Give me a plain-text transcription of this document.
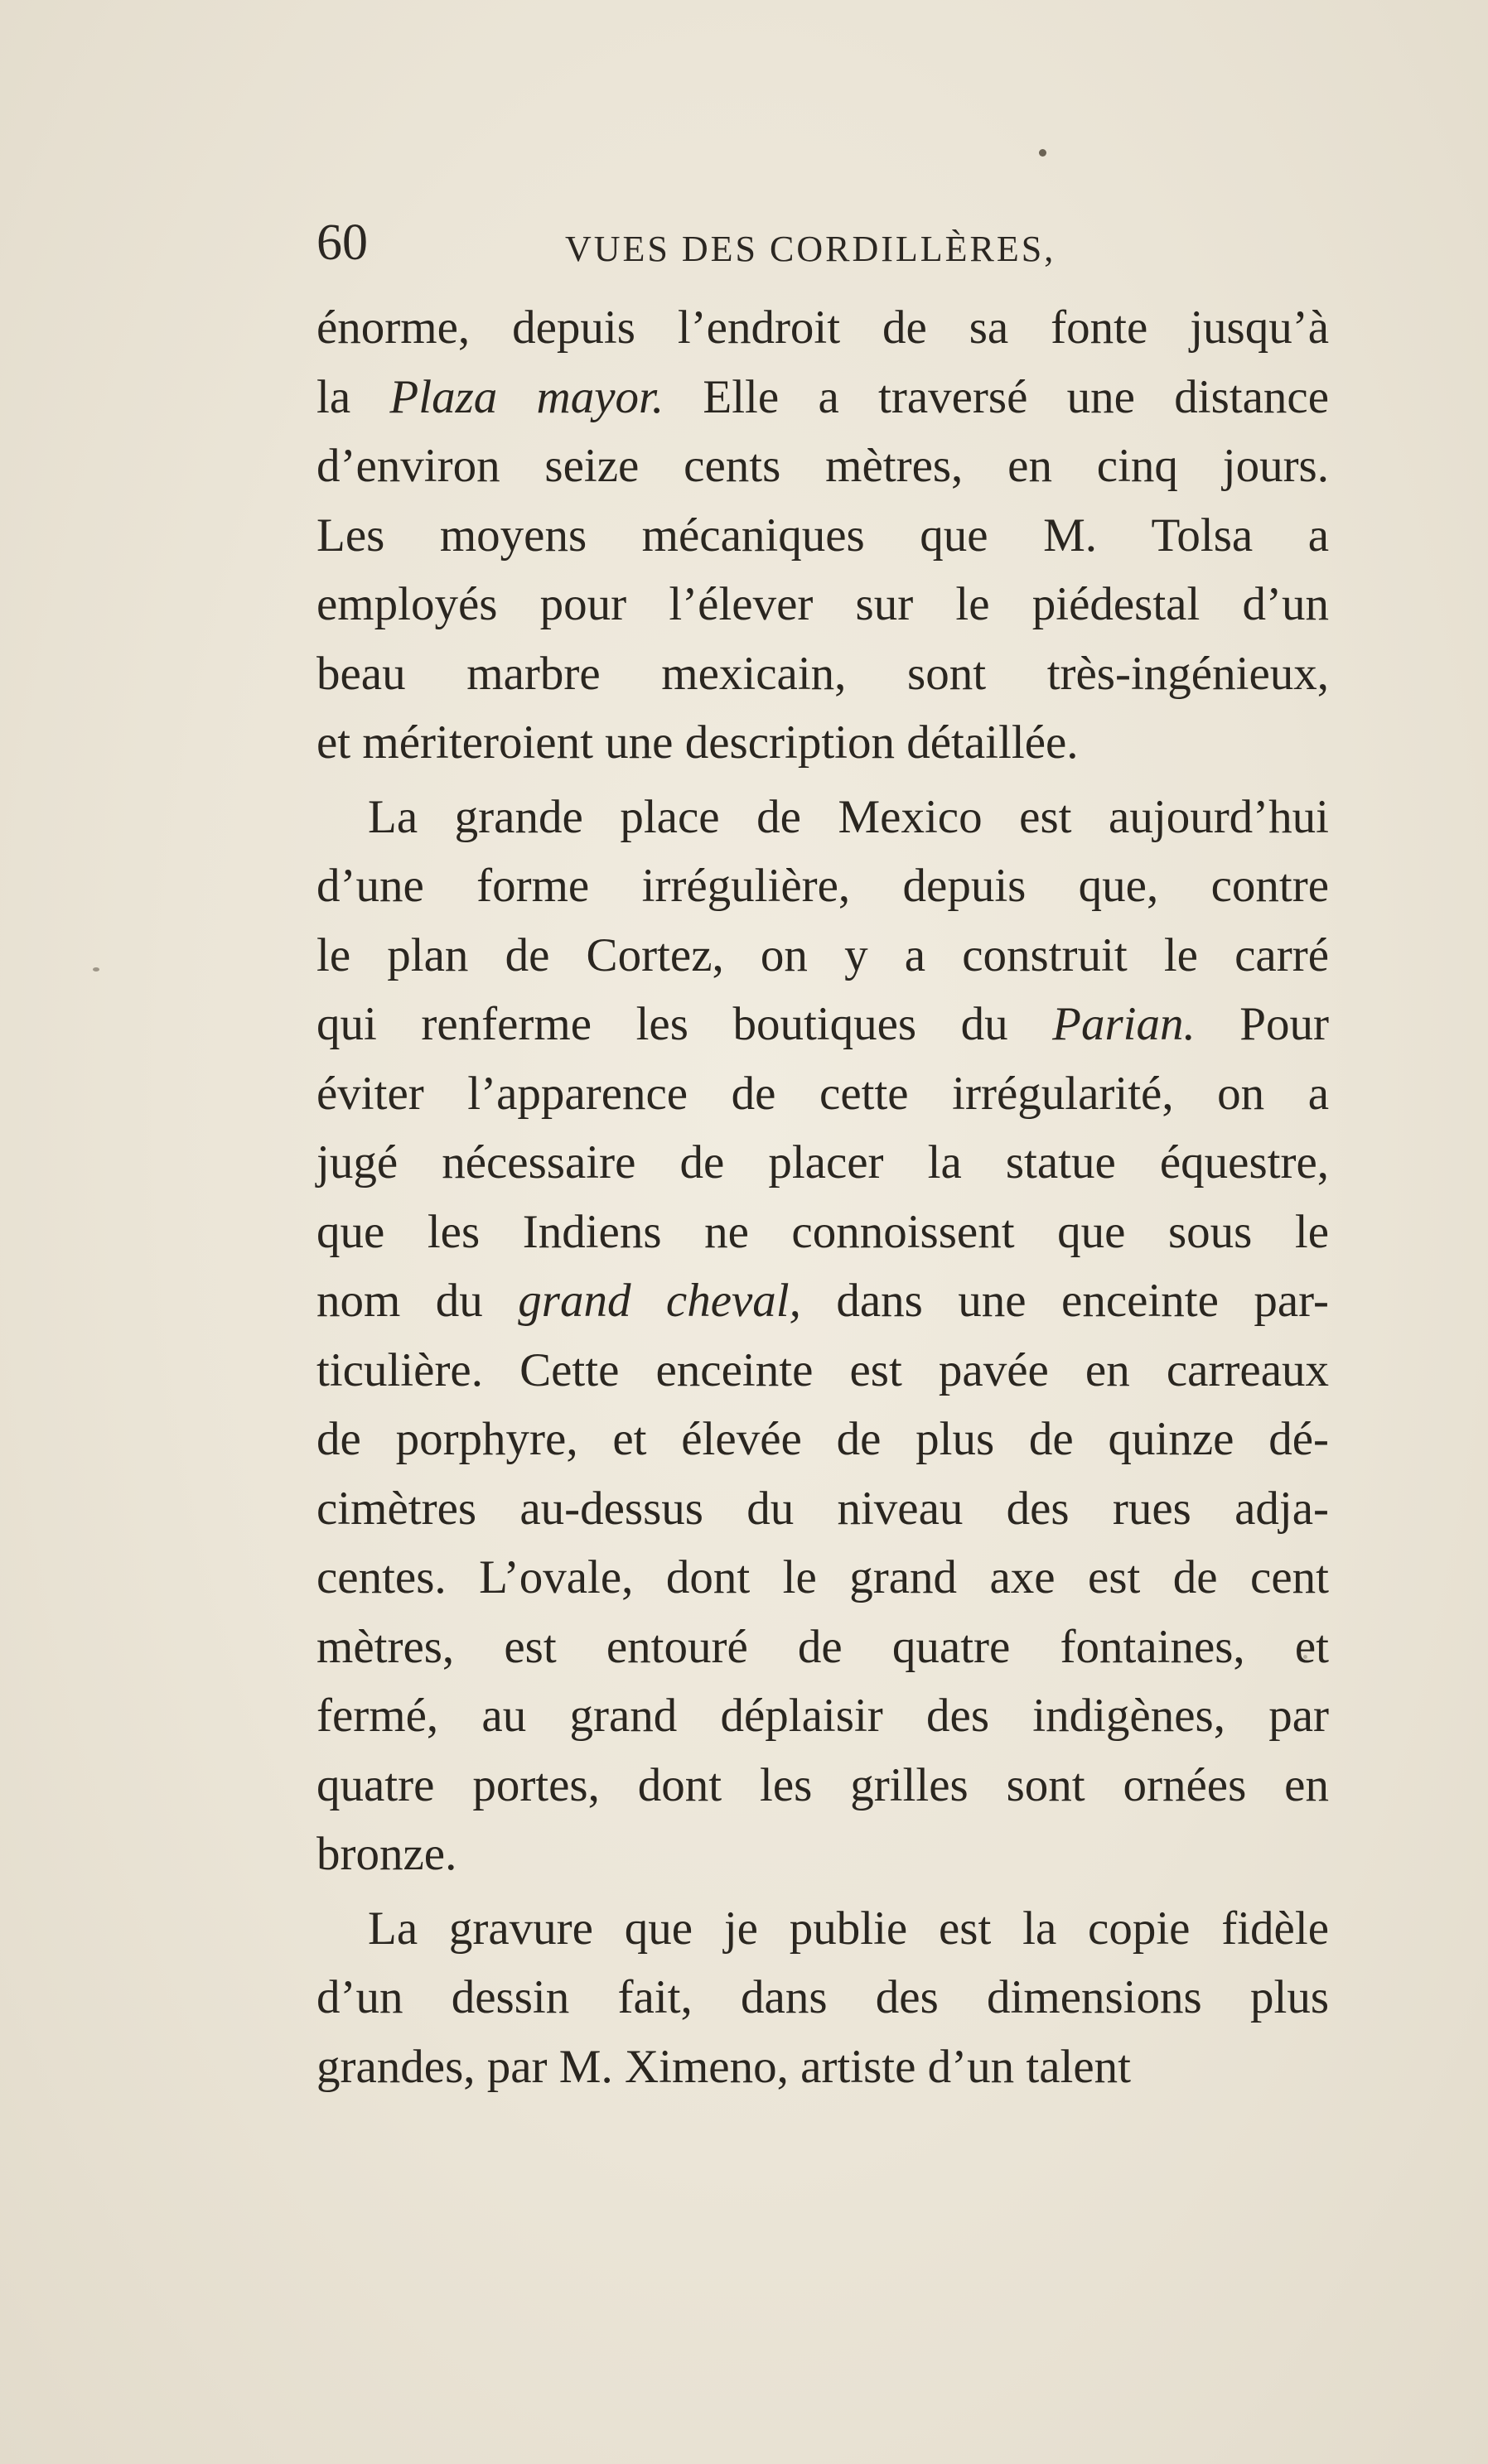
60	VUES DES CORDILLÈRES,
énorme, depuis l’endroit de sa fonte jusqu’à
la Plaza mayor. Elle a traversé une distance
d’environ seize cents mètres, en cinq jours.
Les moyens mécaniques que M. Tolsa a
employés pour l’élever sur le piédestal d’un
beau marbre mexicain, sont très-ingénieux,
et mériteroient une description détaillée.
La grande place de Mexico est aujourd’hui
d’une forme irrégulière, depuis que, contre
le plan de Cortez, on y a construit le carré
qui renferme les boutiques du Parian. Pour
éviter l’apparence de cette irrégularité, on a
jugé nécessaire de placer la statue équestre,
que les Indiens ne connoissent que sous le
nom du grand cheval, dans une enceinte par-
ticulière. Cette enceinte est pavée en carreaux
de porphyre, et élevée de plus de quinze dé-
cimètres au-dessus du niveau des rues adja-
centes. L’ovale, dont le grand axe est de cent
mètres, est entouré de quatre fontaines, et
fermé, au grand déplaisir des indigènes, par
quatre portes, dont les grilles sont ornées en
bronze.
La gravure que je publie est la copie fidèle
d’un dessin fait, dans des dimensions plus
grandes, par M. Ximeno, artiste d’un talent
